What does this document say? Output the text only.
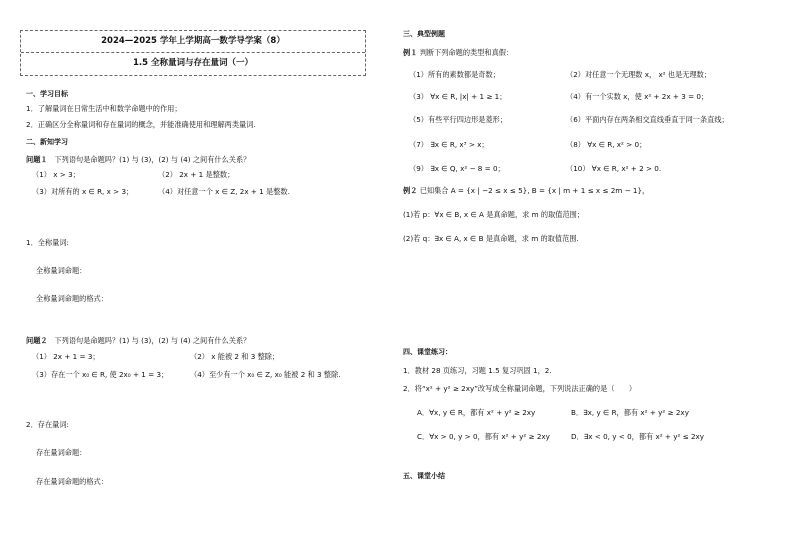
2024—2025 学年上学期高一数学导学案（8）
1.5 全称量词与存在量词（一）
一、学习目标
1．了解量词在日常生活中和数学命题中的作用；
2．正确区分全称量词和存在量词的概念，并能准确使用和理解两类量词.
二、新知学习
问题１ 下列语句是命题吗？(1) 与 (3)，(2) 与 (4) 之间有什么关系？
（1） x > 3；	（2） 2x + 1 是整数；
（3）对所有的 x ∈ R, x > 3；	（4）对任意一个 x ∈ Z, 2x + 1 是整数.
1．全称量词:
全称量词命题：
全称量词命题的格式：
问题２ 下列语句是命题吗？(1) 与 (3)，(2) 与 (4) 之间有什么关系？
（1） 2x + 1 = 3；	（2） x 能被 2 和 3 整除；
（3）存在一个 x₀ ∈ R, 使 2x₀ + 1 = 3；	（4）至少有一个 x₀ ∈ Z, x₀ 能被 2 和 3 整除.
2．存在量词:
存在量词命题：
存在量词命题的格式：
三、典型例题
例１ 判断下列命题的类型和真假：
（1）所有的素数都是奇数；	（2）对任意一个无理数 x， x² 也是无理数；
（3） ∀x ∈ R, |x| + 1 ≥ 1；	（4）有一个实数 x，使 x² + 2x + 3 = 0；
（5）有些平行四边形是菱形；	（6）平面内存在两条相交直线垂直于同一条直线；
（7） ∃x ∈ R, x³ > x；	（8） ∀x ∈ R, x² > 0；
（9） ∃x ∈ Q, x² − 8 = 0；	（10） ∀x ∈ R, x² + 2 > 0.
例２ 已知集合 A = {x | −2 ≤ x ≤ 5}, B = {x | m + 1 ≤ x ≤ 2m − 1}，
(1)若 p：∀x ∈ B, x ∈ A 是真命题，求 m 的取值范围；
(2)若 q：∃x ∈ A, x ∈ B 是真命题，求 m 的取值范围.
四、课堂练习：
1．教材 28 页练习，习题 1.5 复习巩固 1，2.
2．将“x² + y² ≥ 2xy”改写成全称量词命题，下列说法正确的是（　　）
A．∀x, y ∈ R，都有 x² + y² ≥ 2xy	B．∃x, y ∈ R，都有 x² + y² ≥ 2xy
C．∀x > 0, y > 0，都有 x² + y² ≥ 2xy	D．∃x < 0, y < 0，都有 x² + y² ≤ 2xy
五、课堂小结
